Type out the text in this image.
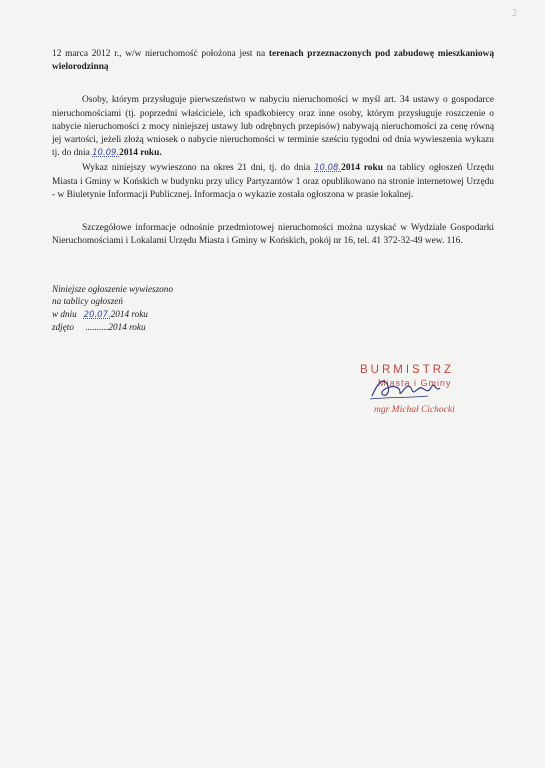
2

12 marca 2012 r., w/w nieruchomość położona jest na terenach przeznaczonych pod zabudowę mieszkaniową wielorodzinną

Osoby, którym przysługuje pierwszeństwo w nabyciu nieruchomości w myśl art. 34 ustawy o gospodarce nieruchomościami (tj. poprzedni właściciele, ich spadkobiercy oraz inne osoby, którym przysługuje roszczenie o nabycie nieruchomości z mocy niniejszej ustawy lub odrębnych przepisów) nabywają nieruchomości za cenę równą jej wartości, jeżeli złożą wniosek o nabycie nieruchomości w terminie sześciu tygodni od dnia wywieszenia wykazu tj. do dnia 10.09.2014 roku.

Wykaz niniejszy wywieszono na okres 21 dni, tj. do dnia 10.08.2014 roku na tablicy ogłoszeń Urzędu Miasta i Gminy w Końskich w budynku przy ulicy Partyzantów 1 oraz opublikowano na stronie internetowej Urzędu - w Biuletynie Informacji Publicznej. Informacja o wykazie została ogłoszona w prasie lokalnej.

Szczegółowe informacje odnośnie przedmiotowej nieruchomości można uzyskać w Wydziale Gospodarki Nieruchomościami i Lokalami Urzędu Miasta i Gminy w Końskich, pokój nr 16, tel. 41 372-32-49 wew. 116.

Niniejsze ogłoszenie wywieszono
na tablicy ogłoszeń
w dniu 20.07.2014 roku
zdjęto ..........2014 roku
BURMISTRZ
Miasta i Gminy
mgr Michał Cichocki
